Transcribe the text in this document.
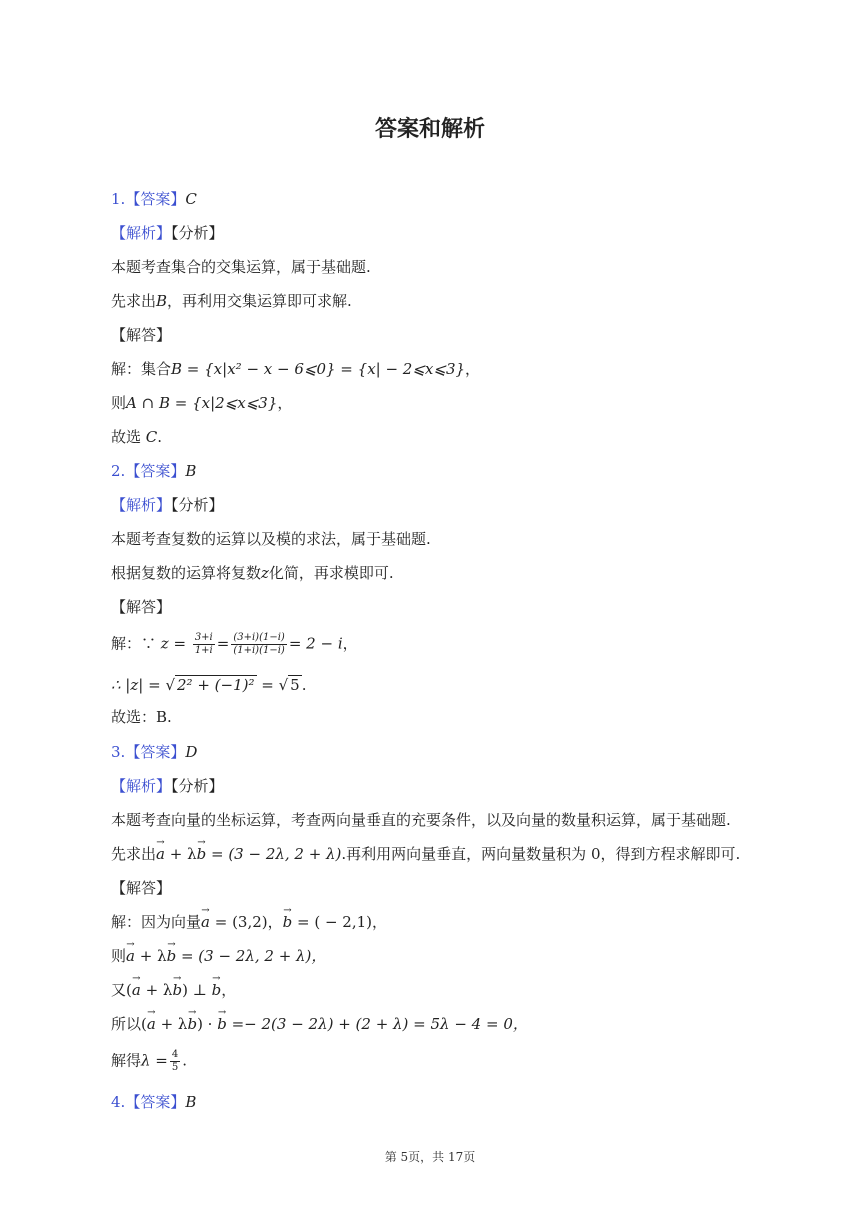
答案和解析
1.【答案】C
【解析】【分析】
本题考查集合的交集运算，属于基础题.
先求出B，再利用交集运算即可求解.
【解答】
解：集合B = {x|x² − x − 6⩽0} = {x| − 2⩽x⩽3}，
则A ∩ B = {x|2⩽x⩽3}，
故选 C.
2.【答案】B
【解析】【分析】
本题考查复数的运算以及模的求法，属于基础题.
根据复数的运算将复数z化简，再求模即可.
【解答】
解：∵ $z = \frac{3+i}{1+i} = \frac{(3+i)(1-i)}{(1+i)(1-i)} = 2 - i$，
∴ |z| = √ 2² + (−1)² = √ 5 .
故选：B.
3.【答案】D
【解析】【分析】
本题考查向量的坐标运算，考查两向量垂直的充要条件，以及向量的数量积运算，属于基础题.
先求出→ a + λ→ b = (3 − 2λ, 2 + λ).再利用两向量垂直，两向量数量积为 0，得到方程求解即可.
【解答】
解：因为向量→ a = (3,2)，→ b = ( − 2,1)，
则→ a + λ→ b = (3 − 2λ, 2 + λ)，
又(→ a + λ→ b) ⊥ → b，
所以(→ a + λ→ b) · → b =− 2(3 − 2λ) + (2 + λ) = 5λ − 4 = 0，
解得$\lambda = \frac{4}{5}$ .
4.【答案】B
第 5页，共 17页
